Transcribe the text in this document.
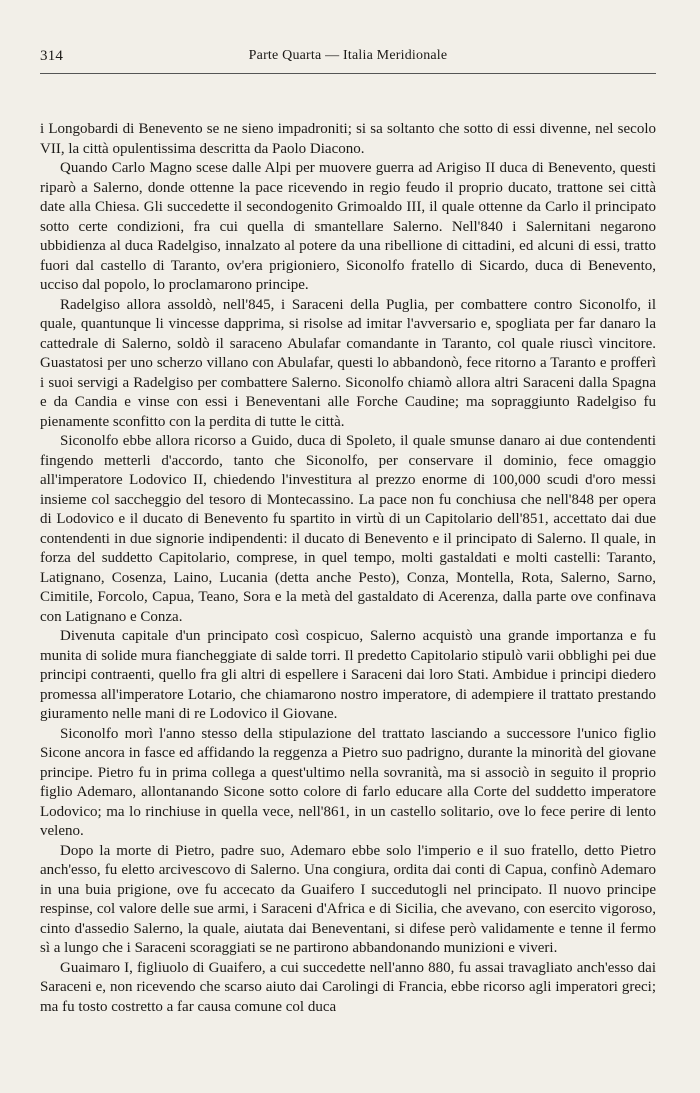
314	Parte Quarta — Italia Meridionale

i Longobardi di Benevento se ne sieno impadroniti; si sa soltanto che sotto di essi divenne, nel secolo VII, la città opulentissima descritta da Paolo Diacono.

Quando Carlo Magno scese dalle Alpi per muovere guerra ad Arigiso II duca di Benevento, questi riparò a Salerno, donde ottenne la pace ricevendo in regio feudo il proprio ducato, trattone sei città date alla Chiesa. Gli succedette il secondogenito Grimoaldo III, il quale ottenne da Carlo il principato sotto certe condizioni, fra cui quella di smantellare Salerno. Nell'840 i Salernitani negarono ubbidienza al duca Radelgiso, innalzato al potere da una ribellione di cittadini, ed alcuni di essi, tratto fuori dal castello di Taranto, ov'era prigioniero, Siconolfo fratello di Sicardo, duca di Benevento, ucciso dal popolo, lo proclamarono principe.

Radelgiso allora assoldò, nell'845, i Saraceni della Puglia, per combattere contro Siconolfo, il quale, quantunque li vincesse dapprima, si risolse ad imitar l'avversario e, spogliata per far danaro la cattedrale di Salerno, soldò il saraceno Abulafar comandante in Taranto, col quale riuscì vincitore. Guastatosi per uno scherzo villano con Abulafar, questi lo abbandonò, fece ritorno a Taranto e profferì i suoi servigi a Radelgiso per combattere Salerno. Siconolfo chiamò allora altri Saraceni dalla Spagna e da Candia e vinse con essi i Beneventani alle Forche Caudine; ma sopraggiunto Radelgiso fu pienamente sconfitto con la perdita di tutte le città.

Siconolfo ebbe allora ricorso a Guido, duca di Spoleto, il quale smunse danaro ai due contendenti fingendo metterli d'accordo, tanto che Siconolfo, per conservare il dominio, fece omaggio all'imperatore Lodovico II, chiedendo l'investitura al prezzo enorme di 100,000 scudi d'oro messi insieme col saccheggio del tesoro di Montecassino. La pace non fu conchiusa che nell'848 per opera di Lodovico e il ducato di Benevento fu spartito in virtù di un Capitolario dell'851, accettato dai due contendenti in due signorie indipendenti: il ducato di Benevento e il principato di Salerno. Il quale, in forza del suddetto Capitolario, comprese, in quel tempo, molti gastaldati e molti castelli: Taranto, Latignano, Cosenza, Laino, Lucania (detta anche Pesto), Conza, Montella, Rota, Salerno, Sarno, Cimitile, Forcolo, Capua, Teano, Sora e la metà del gastaldato di Acerenza, dalla parte ove confinava con Latignano e Conza.

Divenuta capitale d'un principato così cospicuo, Salerno acquistò una grande importanza e fu munita di solide mura fiancheggiate di salde torri. Il predetto Capitolario stipulò varii obblighi pei due principi contraenti, quello fra gli altri di espellere i Saraceni dai loro Stati. Ambidue i principi diedero promessa all'imperatore Lotario, che chiamarono nostro imperatore, di adempiere il trattato prestando giuramento nelle mani di re Lodovico il Giovane.

Siconolfo morì l'anno stesso della stipulazione del trattato lasciando a successore l'unico figlio Sicone ancora in fasce ed affidando la reggenza a Pietro suo padrigno, durante la minorità del giovane principe. Pietro fu in prima collega a quest'ultimo nella sovranità, ma si associò in seguito il proprio figlio Ademaro, allontanando Sicone sotto colore di farlo educare alla Corte del suddetto imperatore Lodovico; ma lo rinchiuse in quella vece, nell'861, in un castello solitario, ove lo fece perire di lento veleno.

Dopo la morte di Pietro, padre suo, Ademaro ebbe solo l'imperio e il suo fratello, detto Pietro anch'esso, fu eletto arcivescovo di Salerno. Una congiura, ordita dai conti di Capua, confinò Ademaro in una buia prigione, ove fu accecato da Guaifero I succedutogli nel principato. Il nuovo principe respinse, col valore delle sue armi, i Saraceni d'Africa e di Sicilia, che avevano, con esercito vigoroso, cinto d'assedio Salerno, la quale, aiutata dai Beneventani, si difese però validamente e tenne il fermo sì a lungo che i Saraceni scoraggiati se ne partirono abbandonando munizioni e viveri.

Guaimaro I, figliuolo di Guaifero, a cui succedette nell'anno 880, fu assai travagliato anch'esso dai Saraceni e, non ricevendo che scarso aiuto dai Carolingi di Francia, ebbe ricorso agli imperatori greci; ma fu tosto costretto a far causa comune col duca
